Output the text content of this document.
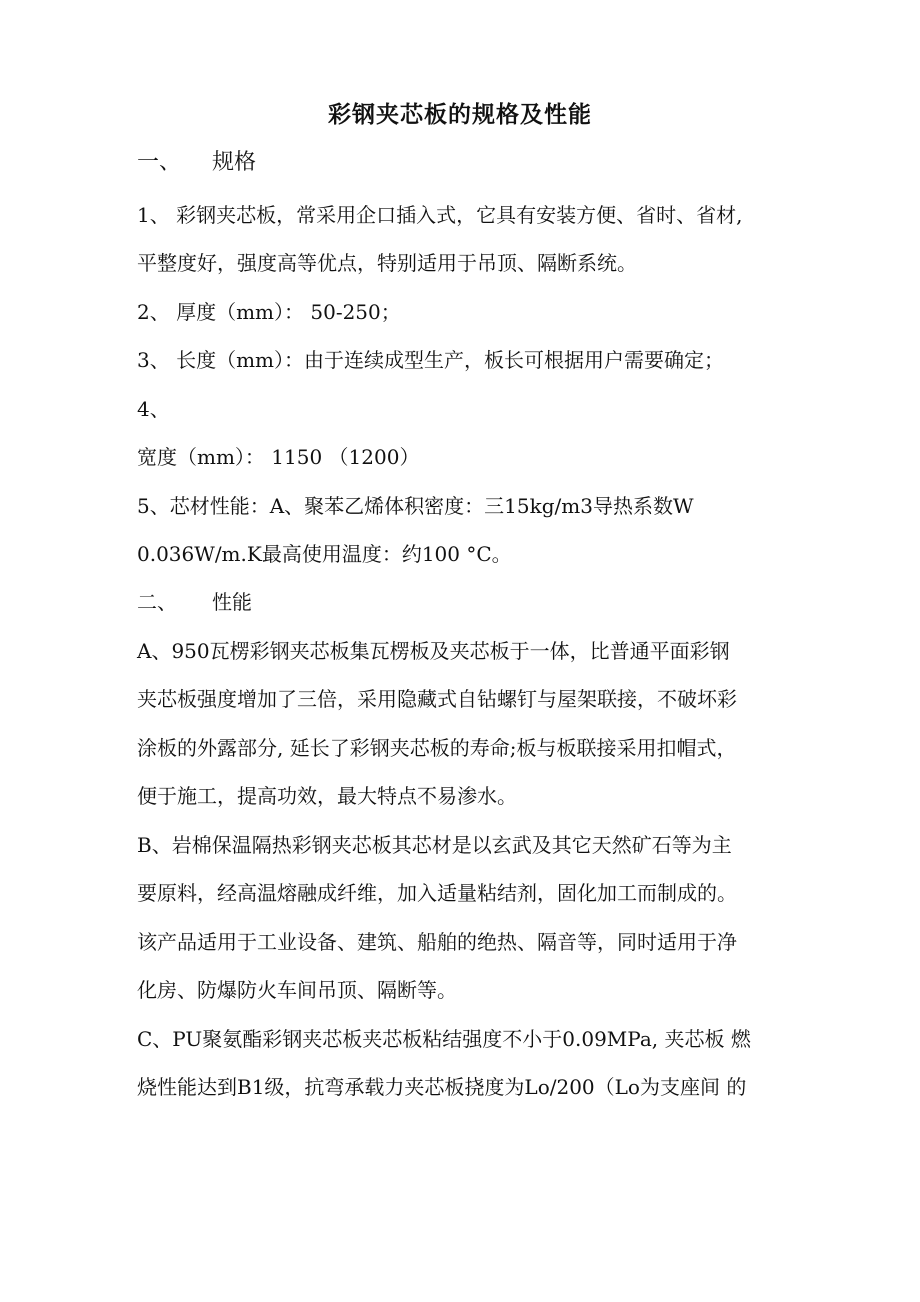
彩钢夹芯板的规格及性能
一、 规格
1、 彩钢夹芯板，常采用企口插入式，它具有安装方便、省时、省材,
平整度好，强度高等优点，特别适用于吊顶、隔断系统。
2、 厚度（mm）： 50-250；
3、 长度（mm）：由于连续成型生产，板长可根据用户需要确定；
4、
宽度（mm）： 1150 （1200）
5、芯材性能：A、聚苯乙烯体积密度：三15kg/m3导热系数W
0.036W/m.K最高使用温度：约100 °C。
二、 性能
A、950瓦楞彩钢夹芯板集瓦楞板及夹芯板于一体，比普通平面彩钢
夹芯板强度增加了三倍，采用隐藏式自钻螺钉与屋架联接，不破坏彩
涂板的外露部分, 延长了彩钢夹芯板的寿命;板与板联接采用扣帽式，
便于施工，提高功效，最大特点不易渗水。
B、岩棉保温隔热彩钢夹芯板其芯材是以玄武及其它天然矿石等为主
要原料，经高温熔融成纤维，加入适量粘结剂，固化加工而制成的。
该产品适用于工业设备、建筑、船舶的绝热、隔音等，同时适用于净
化房、防爆防火车间吊顶、隔断等。
C、PU聚氨酯彩钢夹芯板夹芯板粘结强度不小于0.09MPa, 夹芯板 燃
烧性能达到B1级，抗弯承载力夹芯板挠度为Lo/200（Lo为支座间 的
